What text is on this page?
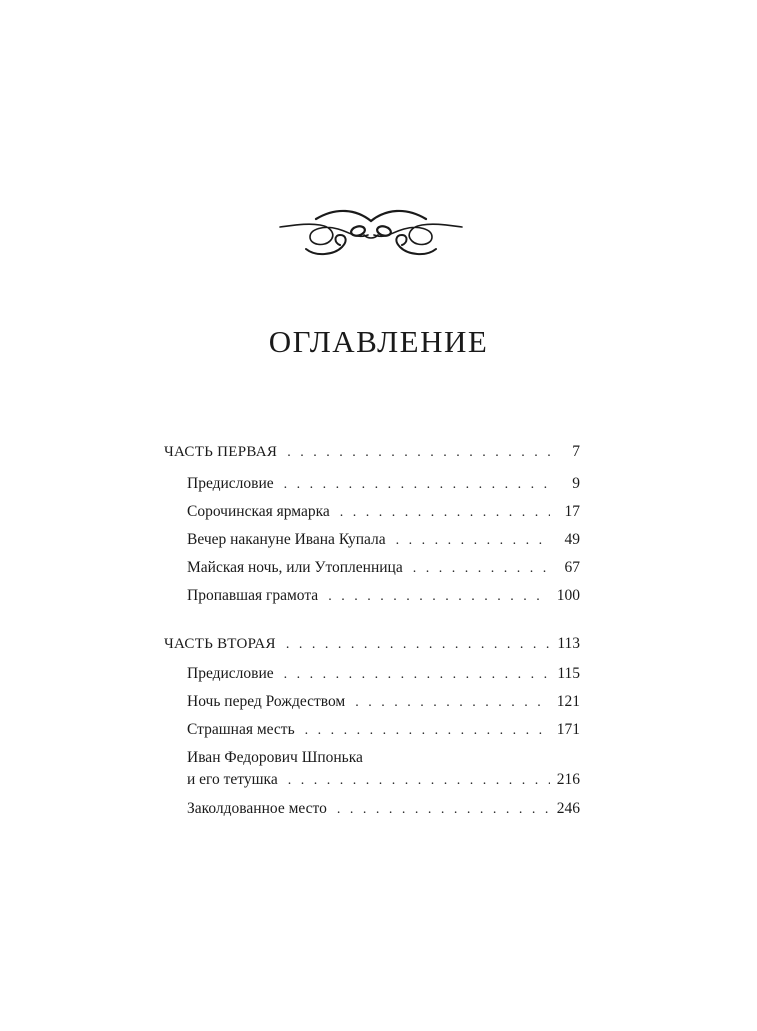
ОГЛАВЛЕНИЕ
ЧАСТЬ ПЕРВАЯ . . .	7
Предисловие . . .	9
Сорочинская ярмарка . . .	17
Вечер накануне Ивана Купала . . .	49
Майская ночь, или Утопленница . . .	67
Пропавшая грамота . . .	100
ЧАСТЬ ВТОРАЯ . . .	113
Предисловие . . .	115
Ночь перед Рождеством . . .	121
Страшная месть . . .	171
Иван Федорович Шпонька
и его тетушка . . .	216
Заколдованное место . . .	246
